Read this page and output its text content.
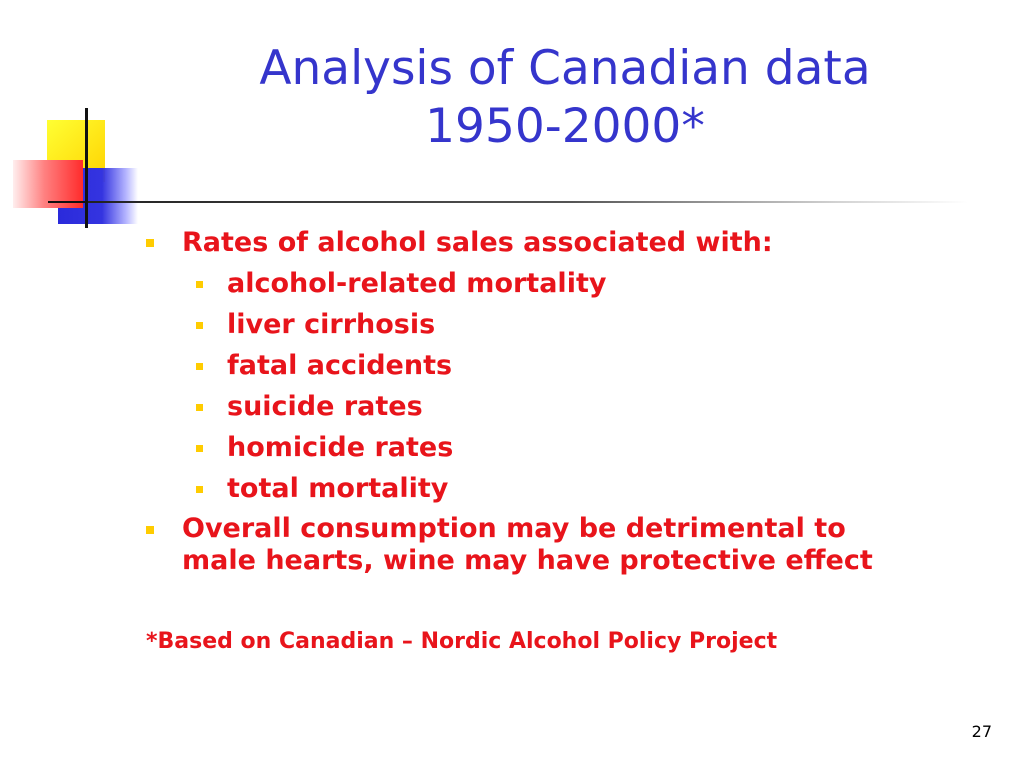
Analysis of Canadian data
1950-2000*
Rates of alcohol sales associated with:
alcohol-related mortality
liver cirrhosis
fatal accidents
suicide rates
homicide rates
total mortality
Overall consumption may be detrimental to
male hearts, wine may have protective effect
*Based on Canadian – Nordic Alcohol Policy Project
27
